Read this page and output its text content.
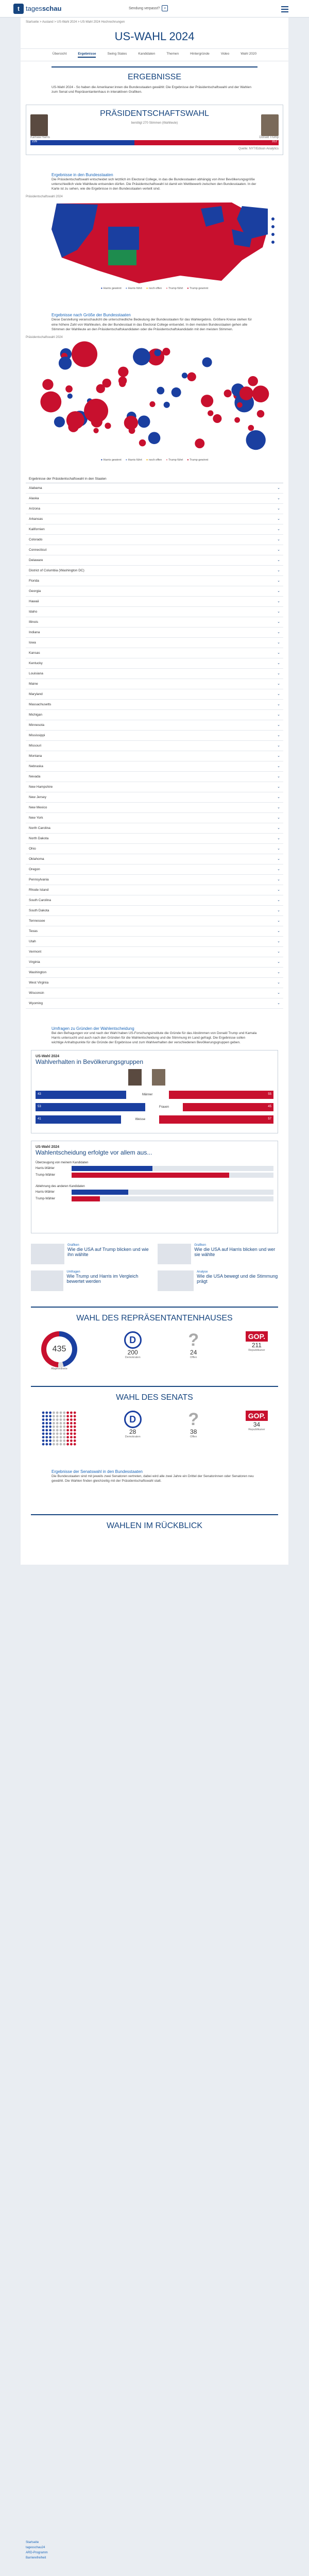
t tagesschau	Sendung verpasst? ⌕
Startseite > Ausland > US-Wahl 2024 > US-Wahl 2024 Hochrechnungen
US-WAHL 2024
Übersicht	Ergebnisse	Swing States	Kandidaten	Themen	Hintergründe	Video	Wahl 2020
ERGEBNISSE

US-Wahl 2024 - So haben die Amerikaner:innen die Bundesstaaten gewählt: Die Ergebnisse der Präsidentschaftswahl und der Wahlen zum Senat und Repräsentantenhaus in interaktiven Grafiken.

PRÄSIDENTSCHAFTSWAHL
benötigt 270 Stimmen (Wahlleute)
Kamala Harris	Donald Trump
226	312
Quelle: NYT/Edison Analytics
Ergebnisse in den Bundesstaaten

Die Präsidentschaftswahl entscheidet sich letztlich im Electoral College, in das die Bundesstaaten abhängig von ihrer Bevölkerungsgröße unterschiedlich viele Wahlleute entsenden dürfen. Die Präsidentschaftswahl ist damit ein Wettbewerb zwischen den Bundesstaaten. In der Karte ist zu sehen, wie die Ergebnisse in den Bundesstaaten verteilt sind.

Präsidentschaftswahl 2024
● Harris gewinnt ● Harris führt ● noch offen ● Trump führt ● Trump gewinnt
Ergebnisse nach Größe der Bundesstaaten

Diese Darstellung veranschaulicht die unterschiedliche Bedeutung der Bundesstaaten für das Wahlergebnis. Größere Kreise stehen für eine höhere Zahl von Wahlleuten, die der Bundesstaat in das Electoral College entsendet. In den meisten Bundesstaaten gehen alle Stimmen der Wahlleute an den Präsidentschaftskandidaten oder die Präsidentschaftskandidatin mit den meisten Stimmen.

Präsidentschaftswahl 2024
● Harris gewinnt ● Harris führt ● noch offen ● Trump führt ● Trump gewinnt
Ergebnisse der Präsidentschaftswahl in den Staaten
Alabama	⌄
Alaska	⌄
Arizona	⌄
Arkansas	⌄
Kalifornien	⌄
Colorado	⌄
Connecticut	⌄
Delaware	⌄
District of Columbia (Washington DC)	⌄
Florida	⌄
Georgia	⌄
Hawaii	⌄
Idaho	⌄
Illinois	⌄
Indiana	⌄
Iowa	⌄
Kansas	⌄
Kentucky	⌄
Louisiana	⌄
Maine	⌄
Maryland	⌄
Massachusetts	⌄
Michigan	⌄
Minnesota	⌄
Mississippi	⌄
Missouri	⌄
Montana	⌄
Nebraska	⌄
Nevada	⌄
New Hampshire	⌄
New Jersey	⌄
New Mexico	⌄
New York	⌄
North Carolina	⌄
North Dakota	⌄
Ohio	⌄
Oklahoma	⌄
Oregon	⌄
Pennsylvania	⌄
Rhode Island	⌄
South Carolina	⌄
South Dakota	⌄
Tennessee	⌄
Texas	⌄
Utah	⌄
Vermont	⌄
Virginia	⌄
Washington	⌄
West Virginia	⌄
Wisconsin	⌄
Wyoming	⌄
Umfragen zu Gründen der Wahlentscheidung

Bei den Befragungen vor und nach der Wahl haben US-Forschungsinstitute die Gründe für das Abstimmen von Donald Trump und Kamala Harris untersucht und auch nach den Gründen für die Wahlentscheidung und die Stimmung im Land gefragt. Die Ergebnisse sollen wichtige Anhaltspunkte für die Gründe der Ergebnisse und zum Wahlverhalten der verschiedenen Bevölkerungsgruppen geben.

US-Wahl 2024
Wahlverhalten in Bevölkerungsgruppen
43	Männer	55
53	Frauen	45
41	Weisse	57
US-Wahl 2024
Wahlentscheidung erfolgte vor allem aus...
Überzeugung von meinem Kandidaten
Harris-Wähler
Trump-Wähler
Ablehnung des anderen Kandidaten
Harris-Wähler
Trump-Wähler
Grafiken
Wie die USA auf Trump blicken und wie ihn wählte
Grafiken
Wie die USA auf Harris blicken und wer sie wählte
Umfragen
Wie Trump und Harris im Vergleich bewertet werden
Analyse
Wie die USA bewegt und die Stimmung prägt
WAHL DES REPRÄSENTANTENHAUSES
435
Abgeordnete
D
200
Demokraten
?
24
Offen
GOP.
211
Republikaner
WAHL DES SENATS
D
28
Demokraten
?
38
Offen
GOP.
34
Republikaner
Ergebnisse der Senatswahl in den Bundesstaaten

Die Bundesstaaten sind mit jeweils zwei Senatoren vertreten, dabei wird alle zwei Jahre ein Drittel der Senatorinnen oder Senatoren neu gewählt. Die Wahlen finden gleichzeitig mit der Präsidentschaftswahl statt.

WAHLEN IM RÜCKBLICK
Startseite
tagesschau24
ARD-Programm
Barrierefreiheit
